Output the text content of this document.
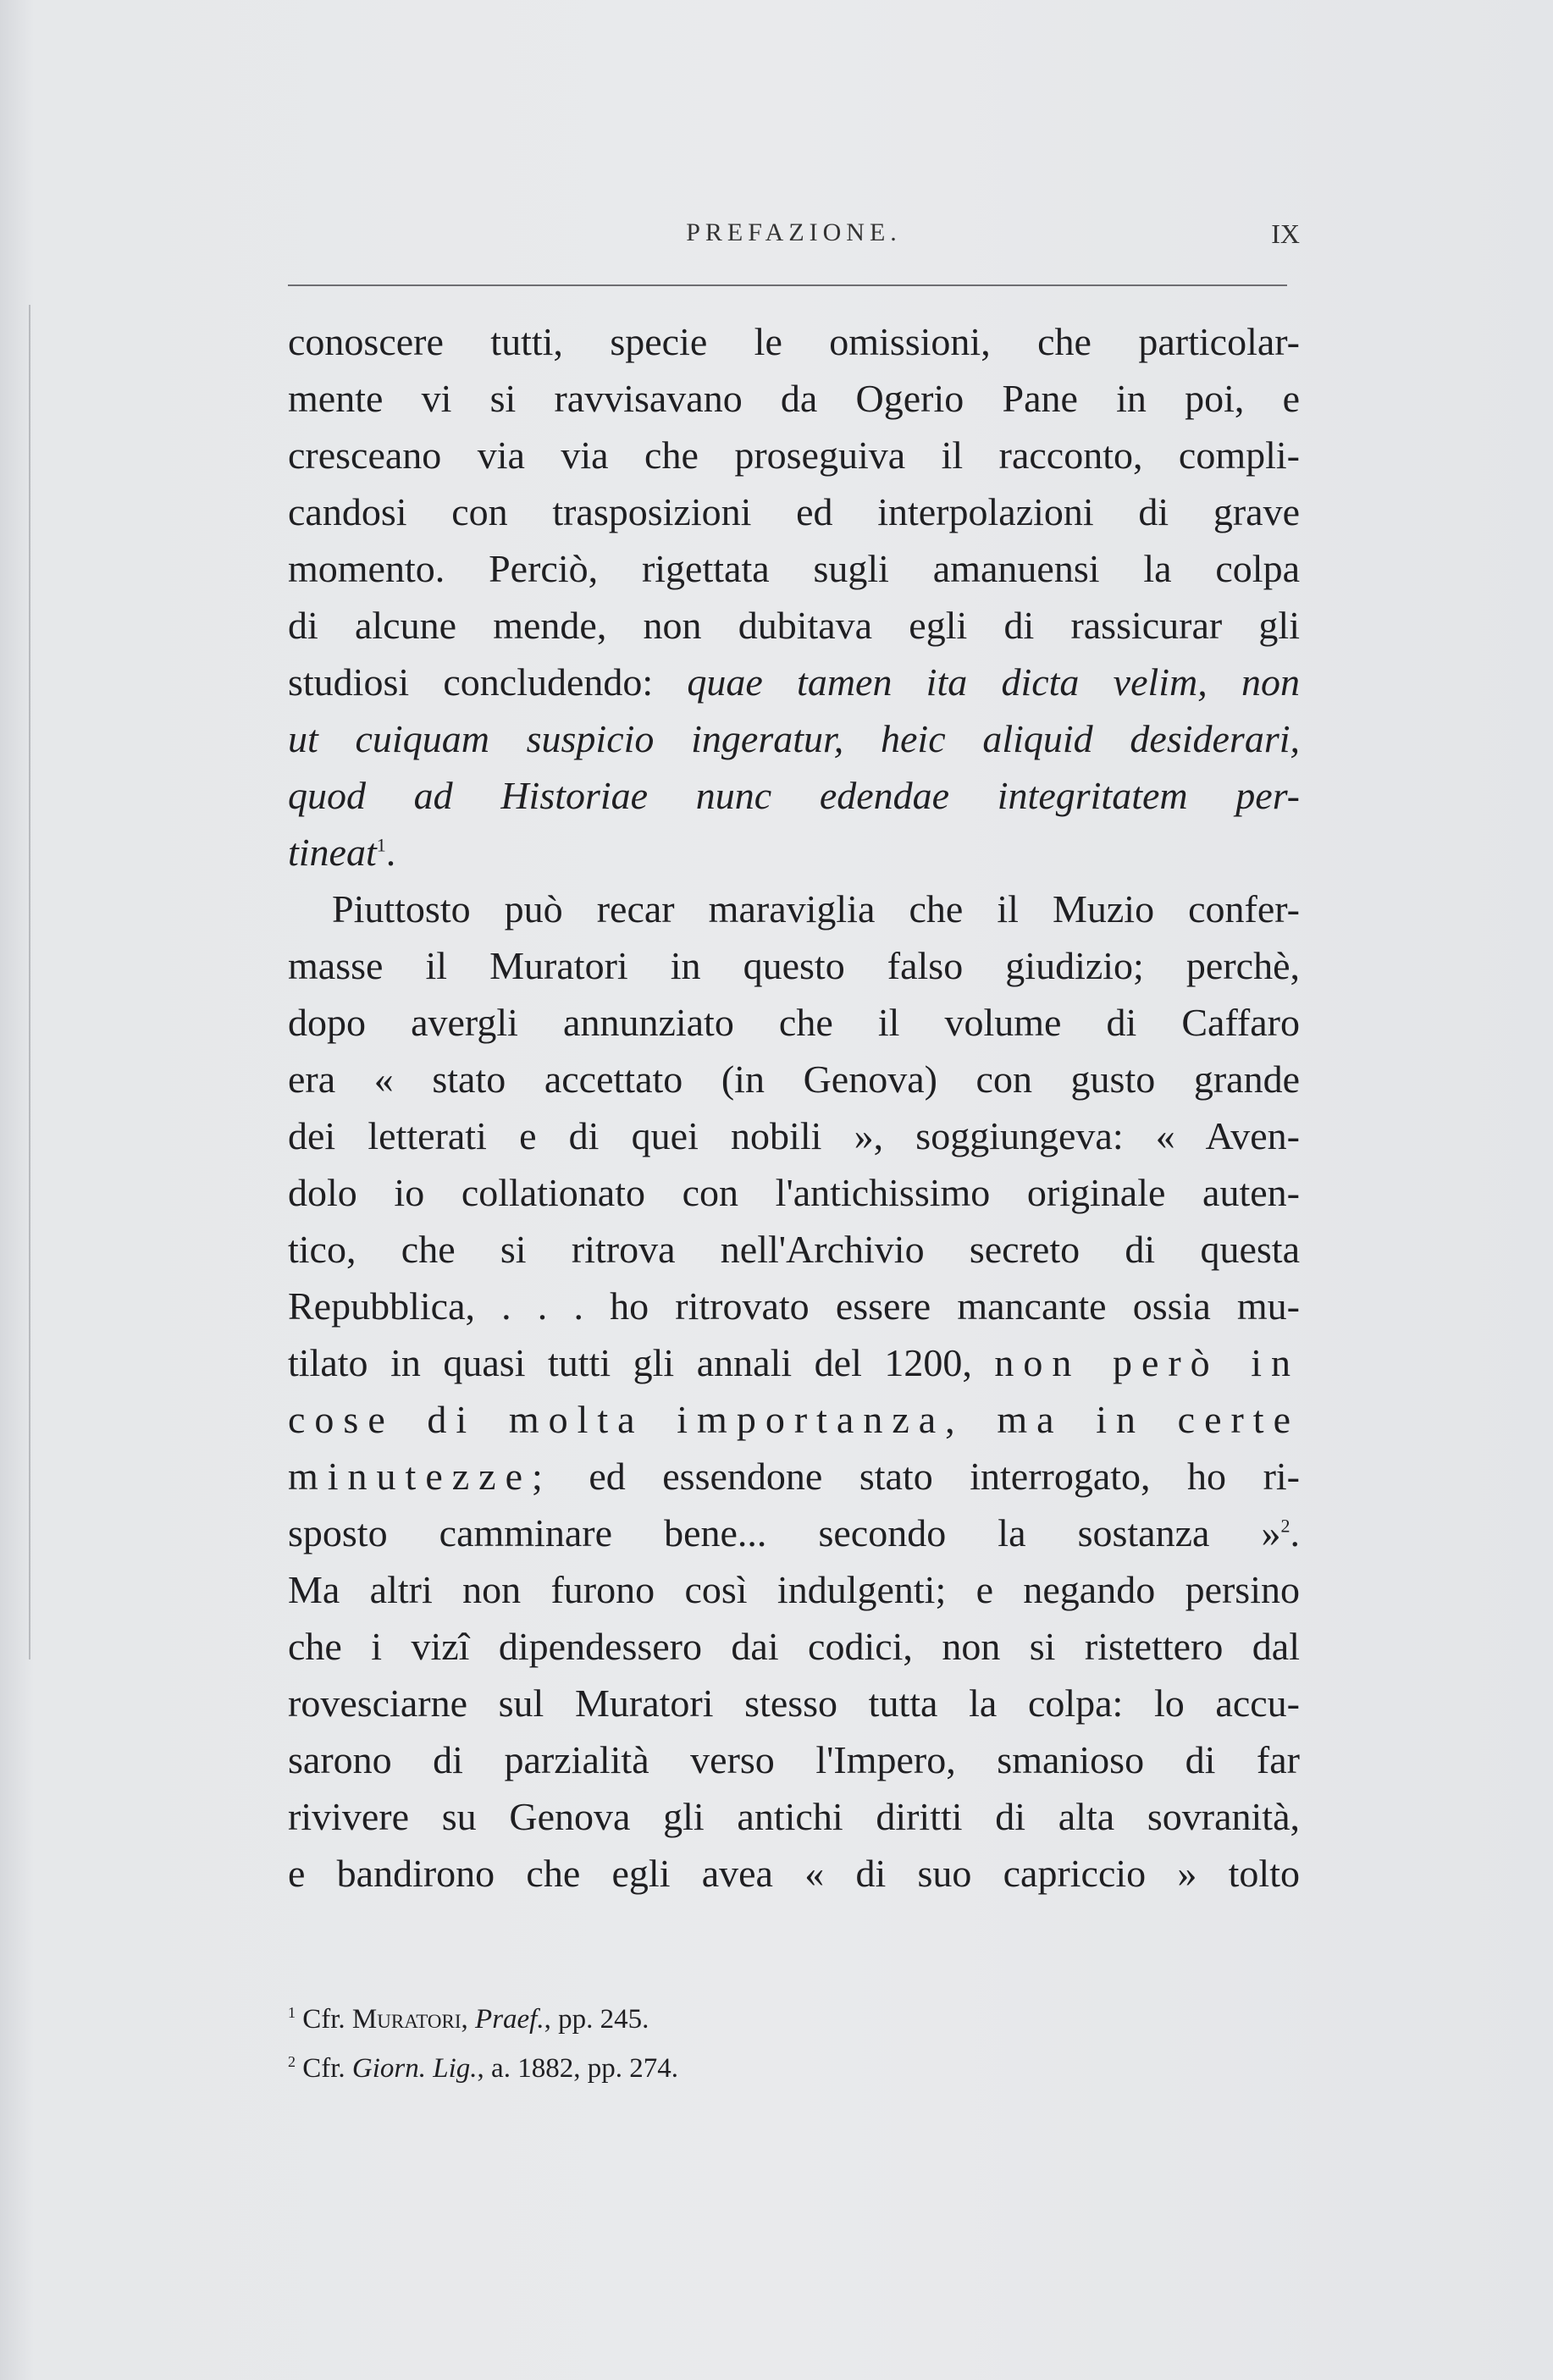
PREFAZIONE.	IX
conoscere tutti, specie le omissioni, che particolar-
mente vi si ravvisavano da Ogerio Pane in poi, e
cresceano via via che proseguiva il racconto, compli-
candosi con trasposizioni ed interpolazioni di grave
momento. Perciò, rigettata sugli amanuensi la colpa
di alcune mende, non dubitava egli di rassicurar gli
studiosi concludendo: quae tamen ita dicta velim, non
ut cuiquam suspicio ingeratur, heic aliquid desiderari,
quod ad Historiae nunc edendae integritatem per-
tineat$^1$.
Piuttosto può recar maraviglia che il Muzio confer-
masse il Muratori in questo falso giudizio; perchè,
dopo avergli annunziato che il volume di Caffaro
era « stato accettato (in Genova) con gusto grande
dei letterati e di quei nobili », soggiungeva: « Aven-
dolo io collationato con l'antichissimo originale auten-
tico, che si ritrova nell'Archivio secreto di questa
Repubblica, . . . ho ritrovato essere mancante ossia mu-
tilato in quasi tutti gli annali del 1200, non però in
cose di molta importanza, ma in certe
minutezze; ed essendone stato interrogato, ho ri-
sposto camminare bene... secondo la sostanza »$^2$.
Ma altri non furono così indulgenti; e negando persino
che i vizî dipendessero dai codici, non si ristettero dal
rovesciarne sul Muratori stesso tutta la colpa: lo accu-
sarono di parzialità verso l'Impero, smanioso di far
rivivere su Genova gli antichi diritti di alta sovranità,
e bandirono che egli avea « di suo capriccio » tolto
$^1$ Cfr. Muratori, Praef., pp. 245.
$^2$ Cfr. Giorn. Lig., a. 1882, pp. 274.
